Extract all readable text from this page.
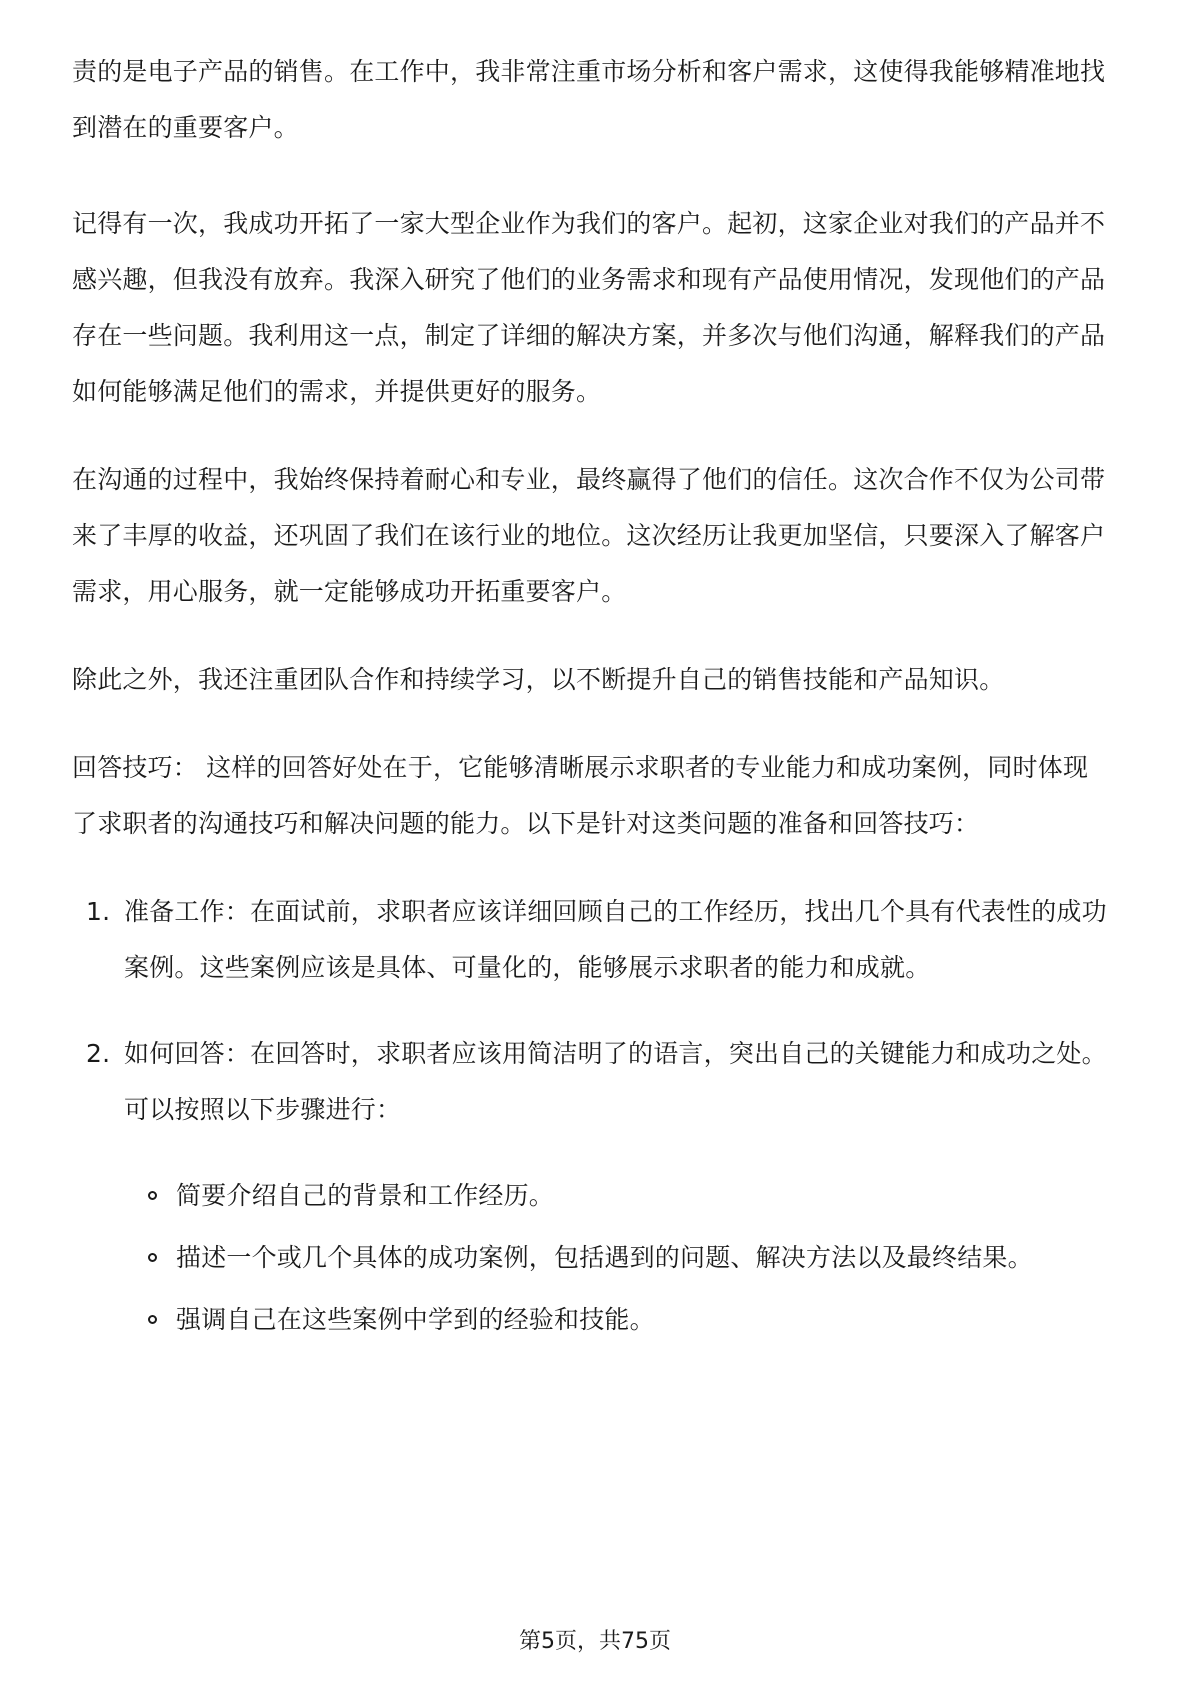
责的是电子产品的销售。在工作中，我非常注重市场分析和客户需求，这使得我能够精准地找到潜在的重要客户。

记得有一次，我成功开拓了一家大型企业作为我们的客户。起初，这家企业对我们的产品并不感兴趣，但我没有放弃。我深入研究了他们的业务需求和现有产品使用情况，发现他们的产品存在一些问题。我利用这一点，制定了详细的解决方案，并多次与他们沟通，解释我们的产品如何能够满足他们的需求，并提供更好的服务。

在沟通的过程中，我始终保持着耐心和专业，最终赢得了他们的信任。这次合作不仅为公司带来了丰厚的收益，还巩固了我们在该行业的地位。这次经历让我更加坚信，只要深入了解客户需求，用心服务，就一定能够成功开拓重要客户。

除此之外，我还注重团队合作和持续学习，以不断提升自己的销售技能和产品知识。

回答技巧： 这样的回答好处在于，它能够清晰展示求职者的专业能力和成功案例，同时体现了求职者的沟通技巧和解决问题的能力。以下是针对这类问题的准备和回答技巧：

1. 准备工作：在面试前，求职者应该详细回顾自己的工作经历，找出几个具有代表性的成功案例。这些案例应该是具体、可量化的，能够展示求职者的能力和成就。
2. 如何回答：在回答时，求职者应该用简洁明了的语言，突出自己的关键能力和成功之处。可以按照以下步骤进行：
简要介绍自己的背景和工作经历。
描述一个或几个具体的成功案例，包括遇到的问题、解决方法以及最终结果。
强调自己在这些案例中学到的经验和技能。
第5页，共75页
